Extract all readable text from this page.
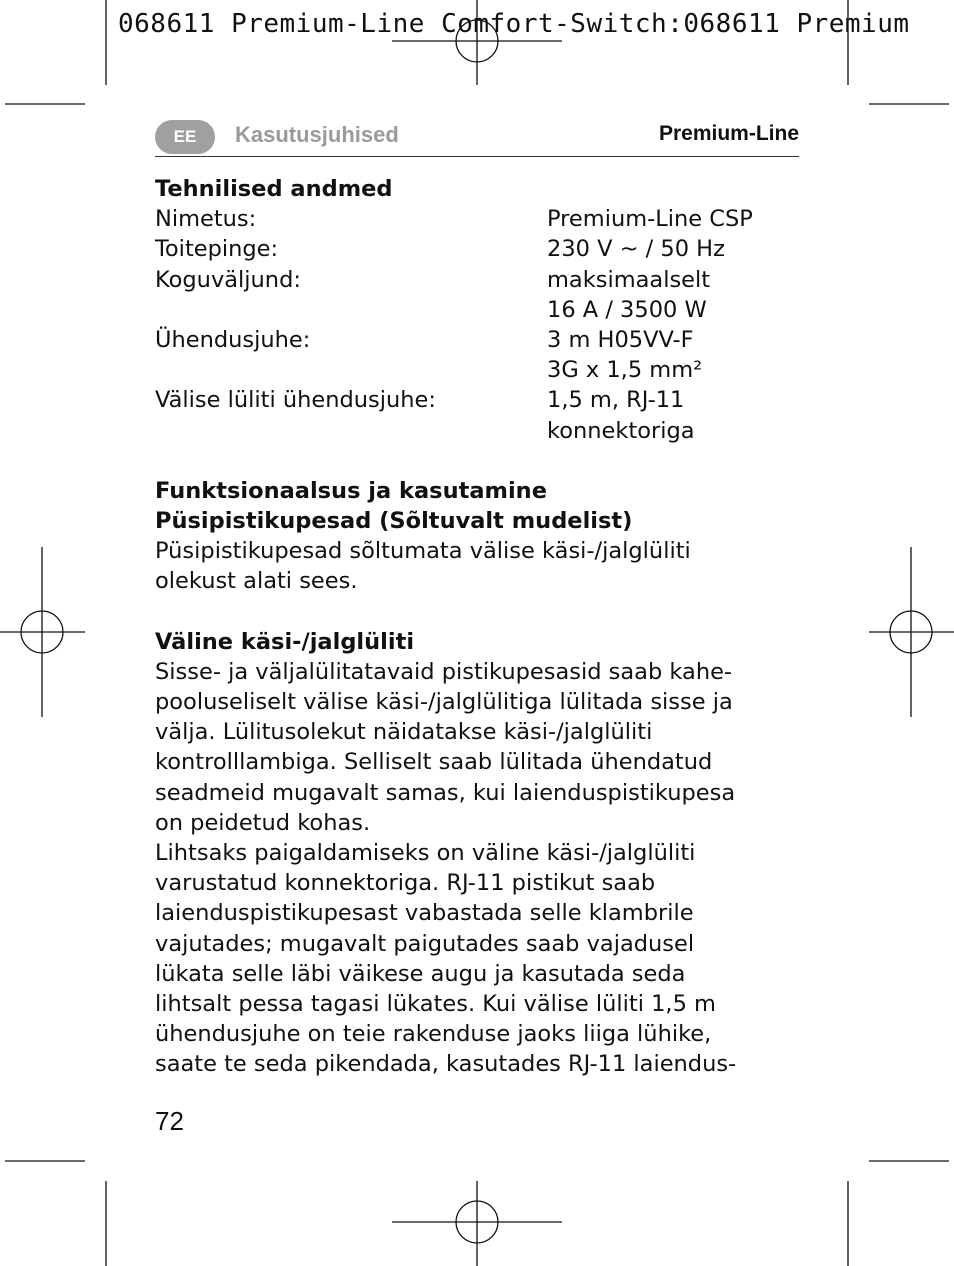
068611 Premium-Line Comfort-Switch:068611 Premium
EE	Kasutusjuhised	Premium-Line
Tehnilised andmed
Nimetus:	Premium-Line CSP
Toitepinge:	230 V ~ / 50 Hz
Koguväljund:	maksimaalselt
16 A / 3500 W
Ühendusjuhe:	3 m H05VV-F
3G x 1,5 mm²
Välise lüliti ühendusjuhe:	1,5 m, RJ-11
konnektoriga
Funktsionaalsus ja kasutamine
Püsipistikupesad (Sõltuvalt mudelist)
Püsipistikupesad sõltumata välise käsi-/jalglüliti
olekust alati sees.
Väline käsi-/jalglüliti
Sisse- ja väljalülitatavaid pistikupesasid saab kahe-
pooluseliselt välise käsi-/jalglülitiga lülitada sisse ja
välja. Lülitusolekut näidatakse käsi-/jalglüliti
kontrolllambiga. Selliselt saab lülitada ühendatud
seadmeid mugavalt samas, kui laienduspistikupesa
on peidetud kohas.
Lihtsaks paigaldamiseks on väline käsi-/jalglüliti
varustatud konnektoriga. RJ-11 pistikut saab
laienduspistikupesast vabastada selle klambrile
vajutades; mugavalt paigutades saab vajadusel
lükata selle läbi väikese augu ja kasutada seda
lihtsalt pessa tagasi lükates. Kui välise lüliti 1,5 m
ühendusjuhe on teie rakenduse jaoks liiga lühike,
saate te seda pikendada, kasutades RJ-11 laiendus-
72
